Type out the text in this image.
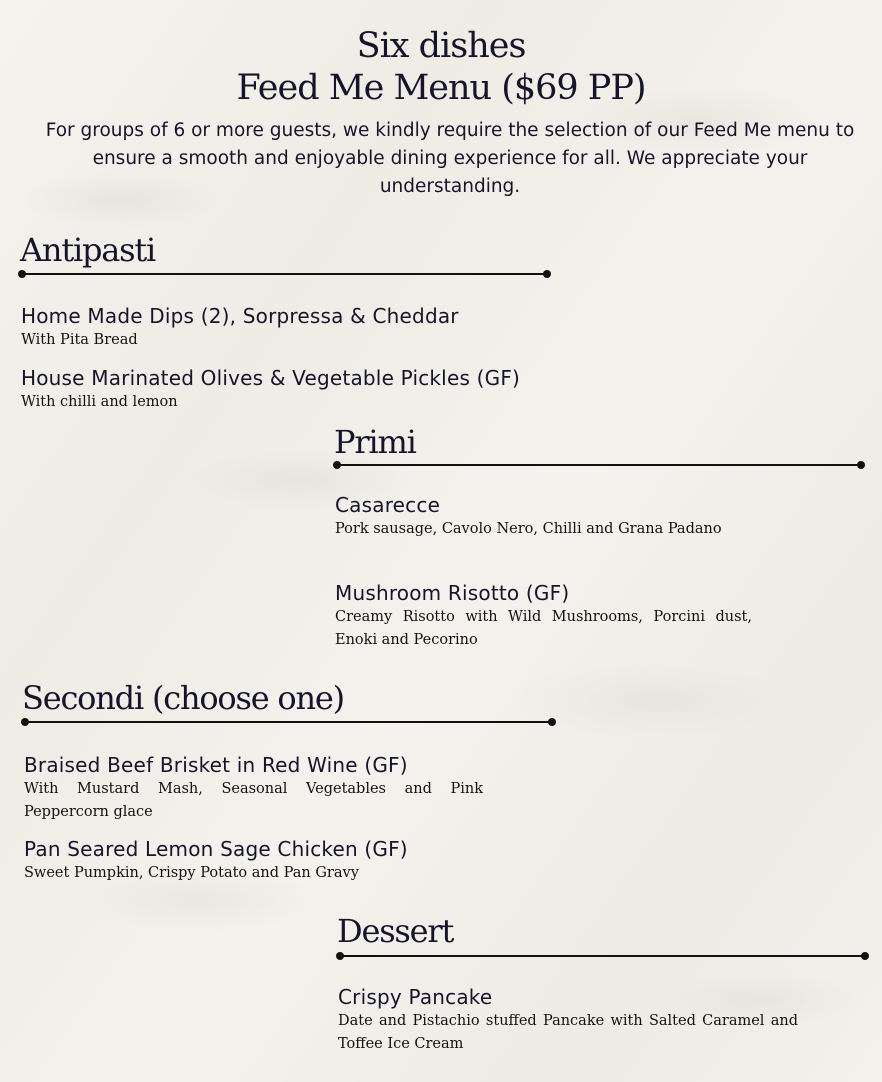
Six dishes
Feed Me Menu ($69 PP)
For groups of 6 or more guests, we kindly require the selection of our Feed Me menu to ensure a smooth and enjoyable dining experience for all. We appreciate your understanding.
Antipasti
Home Made Dips (2), Sorpressa & Cheddar
With Pita Bread
House Marinated Olives & Vegetable Pickles (GF)
With chilli and lemon
Primi
Casarecce
Pork sausage, Cavolo Nero, Chilli and Grana Padano
Mushroom Risotto (GF)
Creamy Risotto with Wild Mushrooms, Porcini dust, Enoki and Pecorino
Secondi (choose one)
Braised Beef Brisket in Red Wine (GF)
With Mustard Mash, Seasonal Vegetables and Pink Peppercorn glace
Pan Seared Lemon Sage Chicken (GF)
Sweet Pumpkin, Crispy Potato and Pan Gravy
Dessert
Crispy Pancake
Date and Pistachio stuffed Pancake with Salted Caramel and Toffee Ice Cream
